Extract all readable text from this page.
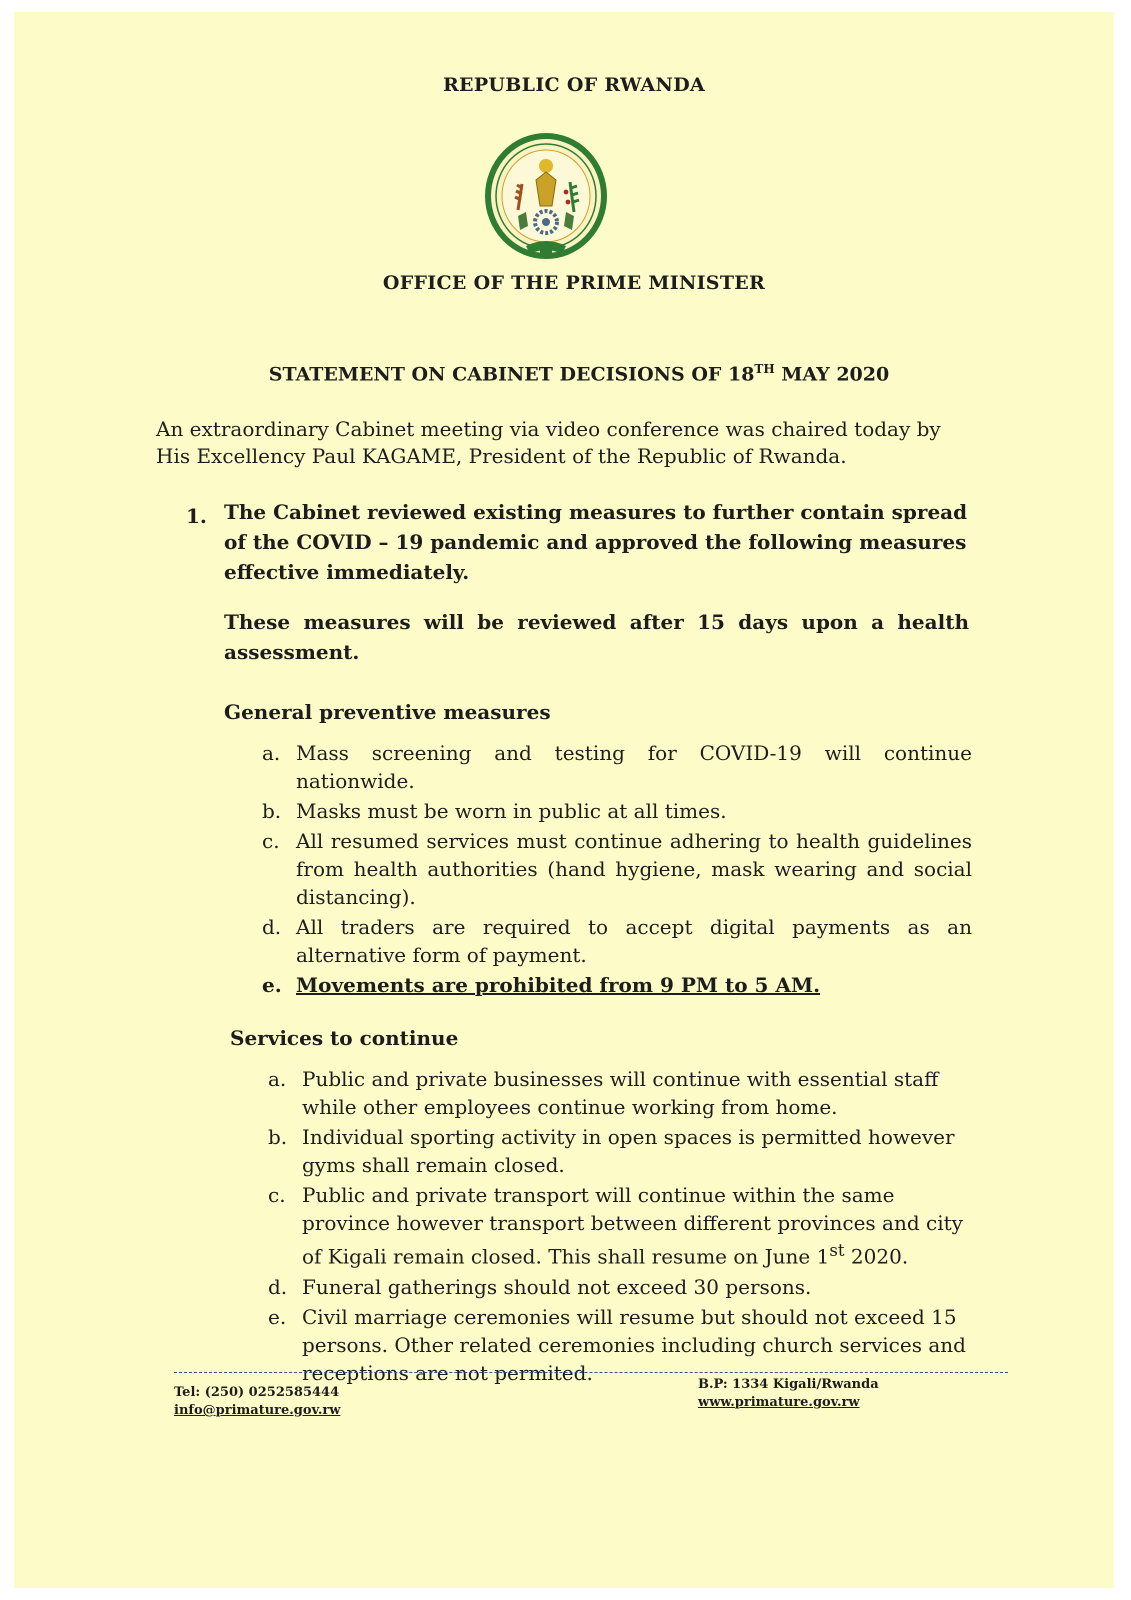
REPUBLIC OF RWANDA
OFFICE OF THE PRIME MINISTER
STATEMENT ON CABINET DECISIONS OF 18TH MAY 2020
An extraordinary Cabinet meeting via video conference was chaired today by His Excellency Paul KAGAME, President of the Republic of Rwanda.
1. The Cabinet reviewed existing measures to further contain spread of the COVID – 19 pandemic and approved the following measures effective immediately.
These measures will be reviewed after 15 days upon a health assessment.
General preventive measures
a. Mass screening and testing for COVID-19 will continue nationwide.
b. Masks must be worn in public at all times.
c. All resumed services must continue adhering to health guidelines from health authorities (hand hygiene, mask wearing and social distancing).
d. All traders are required to accept digital payments as an alternative form of payment.
e. Movements are prohibited from 9 PM to 5 AM.
Services to continue
a. Public and private businesses will continue with essential staff while other employees continue working from home.
b. Individual sporting activity in open spaces is permitted however gyms shall remain closed.
c. Public and private transport will continue within the same province however transport between different provinces and city of Kigali remain closed. This shall resume on June 1st 2020.
d. Funeral gatherings should not exceed 30 persons.
e. Civil marriage ceremonies will resume but should not exceed 15 persons. Other related ceremonies including church services and receptions are not permited.
Tel: (250) 0252585444
info@primature.gov.rw
B.P: 1334 Kigali/Rwanda
www.primature.gov.rw
